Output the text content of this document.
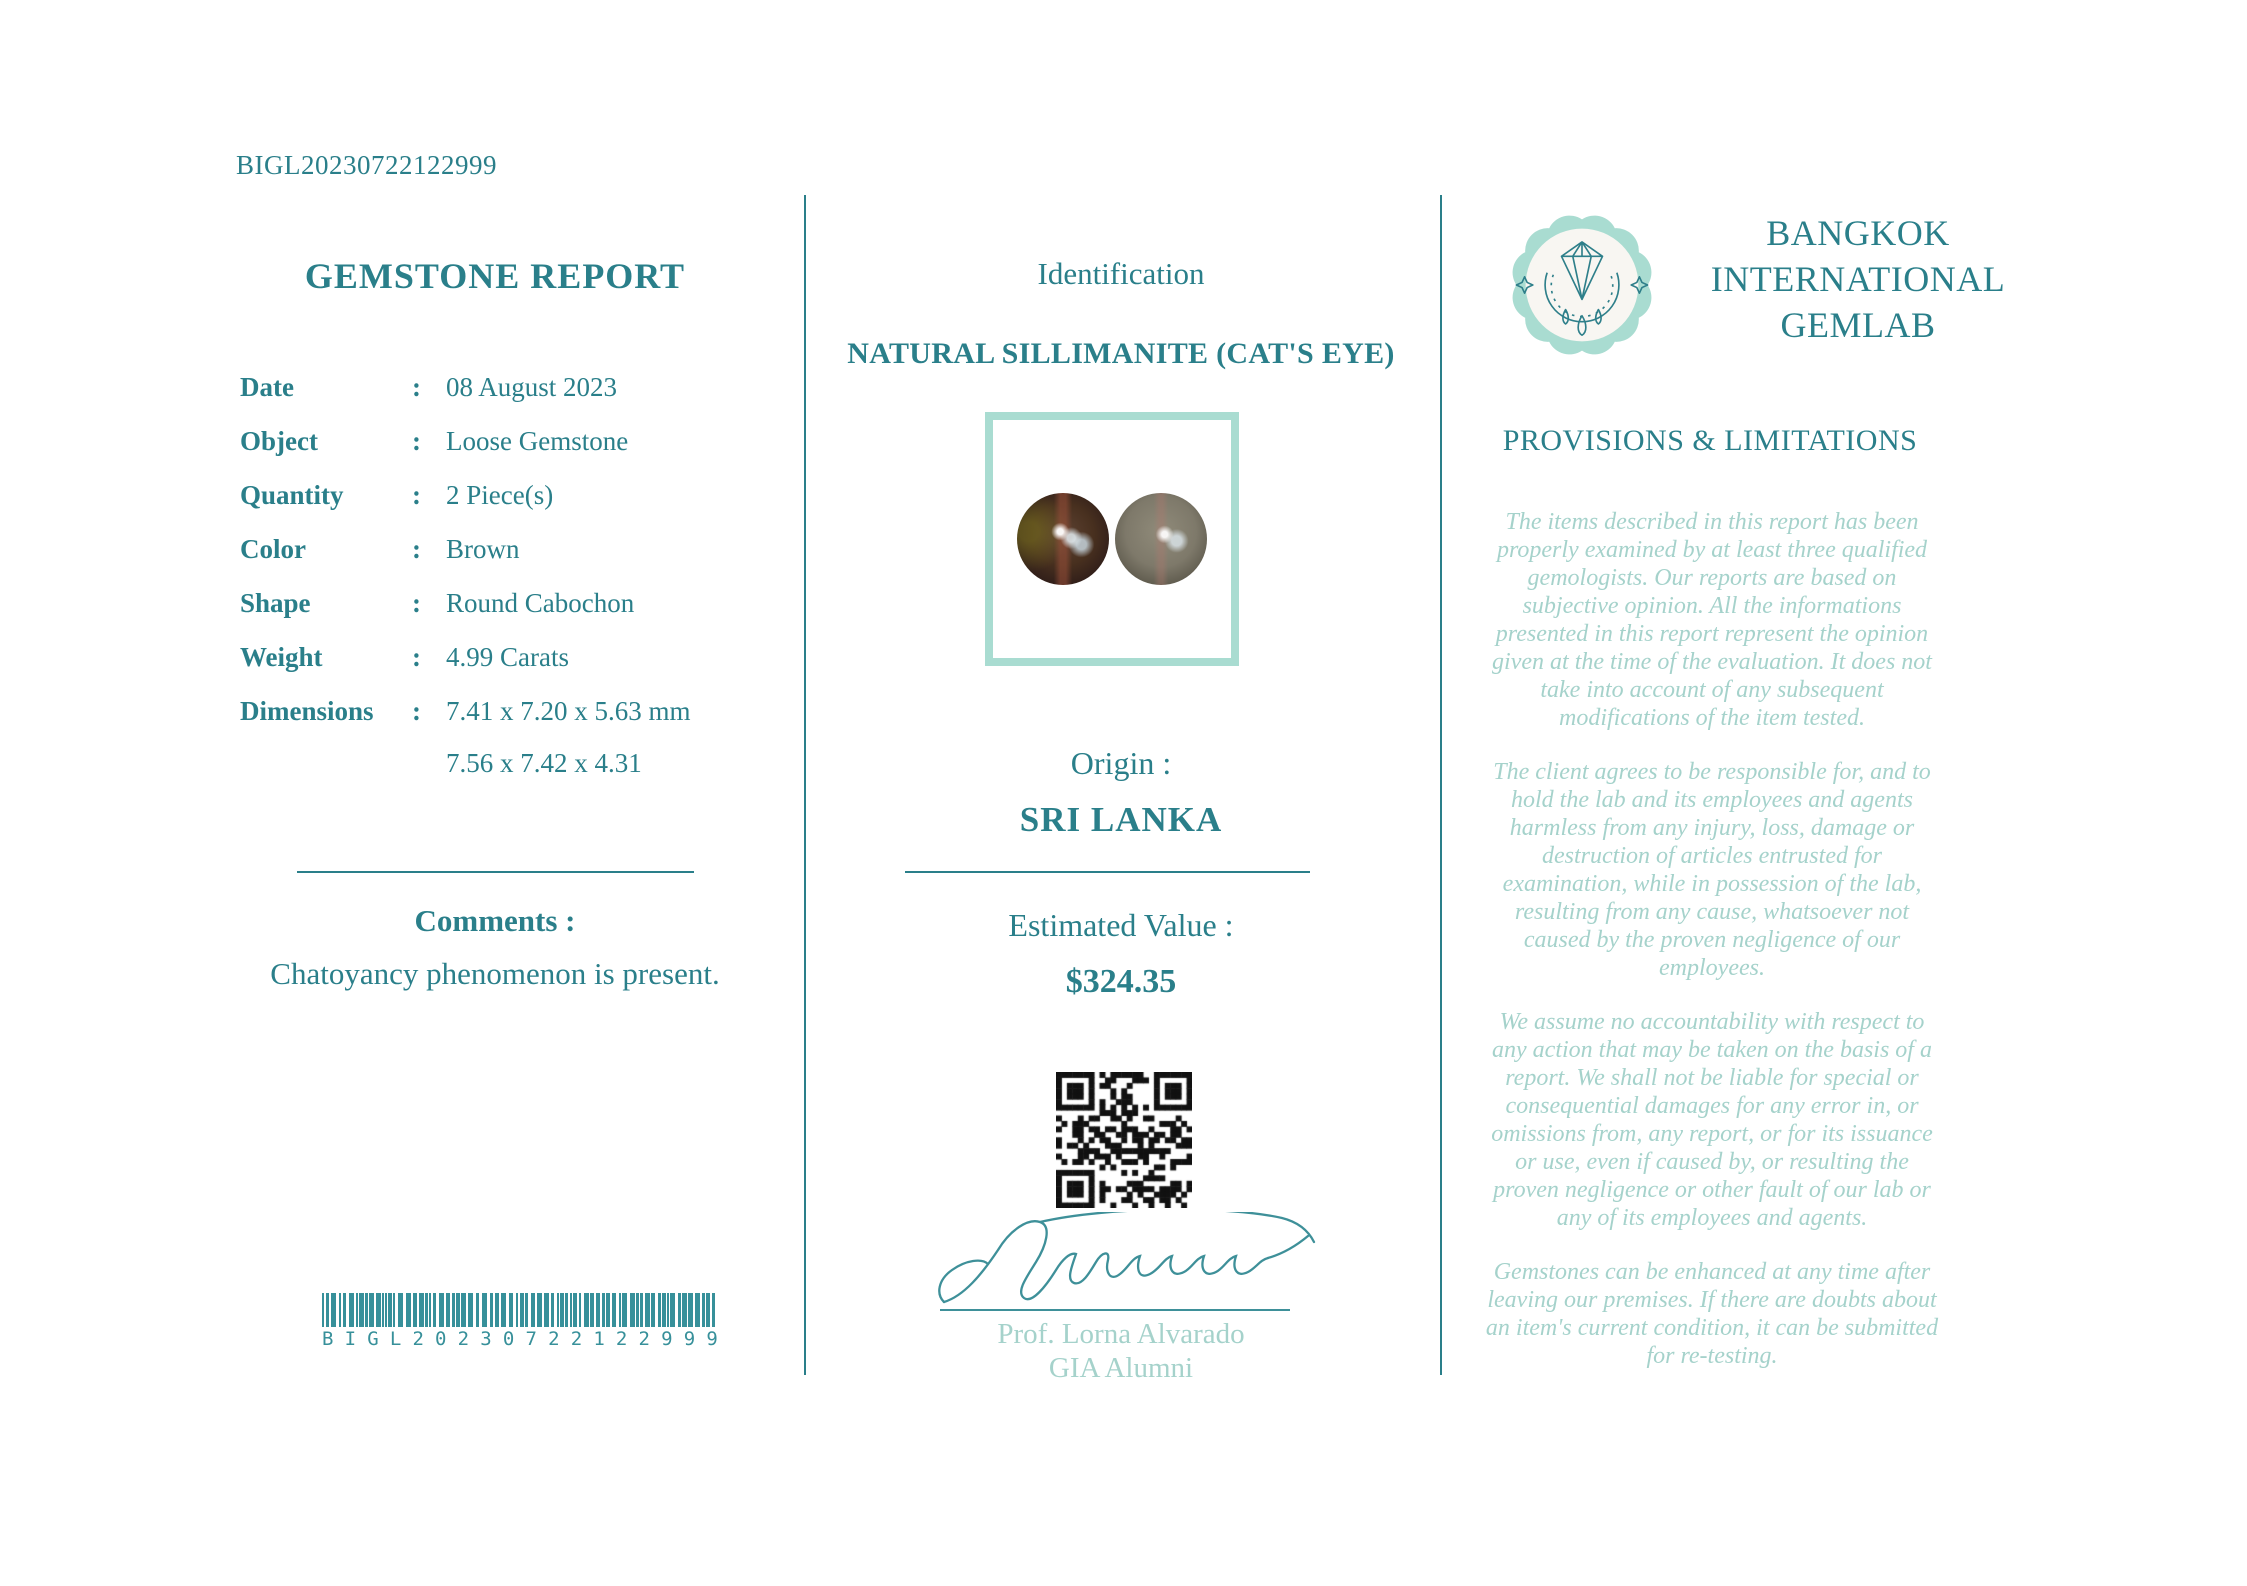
BIGL20230722122999
GEMSTONE REPORT
Date	: 08 August 2023
Object	: Loose Gemstone
Quantity	: 2 Piece(s)
Color	: Brown
Shape	: Round Cabochon
Weight	: 4.99 Carats
Dimensions	: 7.41 x 7.20 x 5.63 mm
7.56 x 7.42 x 4.31
Comments :
Chatoyancy phenomenon is present.
B I G L 2 0 2 3 0 7 2 2 1 2 2 9 9 9
Identification
NATURAL SILLIMANITE (CAT'S EYE)
Origin :
SRI LANKA
Estimated Value :
$324.35
Prof. Lorna Alvarado
GIA Alumni
BANGKOK
INTERNATIONAL
GEMLAB
PROVISIONS & LIMITATIONS

The items described in this report has been properly examined by at least three qualified gemologists. Our reports are based on subjective opinion. All the informations presented in this report represent the opinion given at the time of the evaluation. It does not take into account of any subsequent modifications of the item tested.

The client agrees to be responsible for, and to hold the lab and its employees and agents harmless from any injury, loss, damage or destruction of articles entrusted for examination, while in possession of the lab, resulting from any cause, whatsoever not caused by the proven negligence of our employees.

We assume no accountability with respect to any action that may be taken on the basis of a report. We shall not be liable for special or consequential damages for any error in, or omissions from, any report, or for its issuance or use, even if caused by, or resulting the proven negligence or other fault of our lab or any of its employees and agents.

Gemstones can be enhanced at any time after leaving our premises. If there are doubts about an item's current condition, it can be submitted for re-testing.
